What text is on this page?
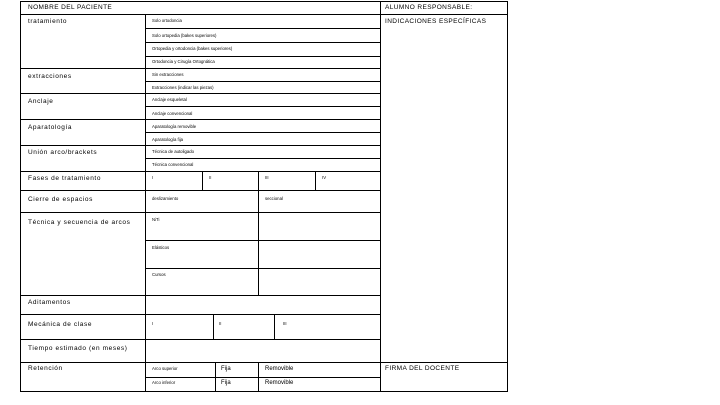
NOMBRE DEL PACIENTE	ALUMNO RESPONSABLE:
INDICACIONES ESPECÍFICAS
FIRMA DEL DOCENTE
tratamiento	Solo ortodoncia
Solo ortopedia (bakes superiores)
Ortopedia y ortodoncia (bakes superiores)
Ortodoncia y Cirugía Ortognática
extracciones	Sin extracciones
Extracciones (indicar las piezas)
Anclaje	Anclaje esqueletal
Anclaje convencional
Aparatología	Aparatología removible
Aparatología fija
Unión arco/brackets	Técnica de autoligado
Técnica convencional
Fases de tratamiento	I	II	III	IV
Cierre de espacios	deslizamiento	seccional
Técnica y secuencia de arcos	NiTi
Elásticos
Cursos
Aditamentos
Mecánica de clase	I	II	III
Tiempo estimado (en meses)
Retención	Arco superior	Fija	Removible
Arco inferior	Fija	Removible
